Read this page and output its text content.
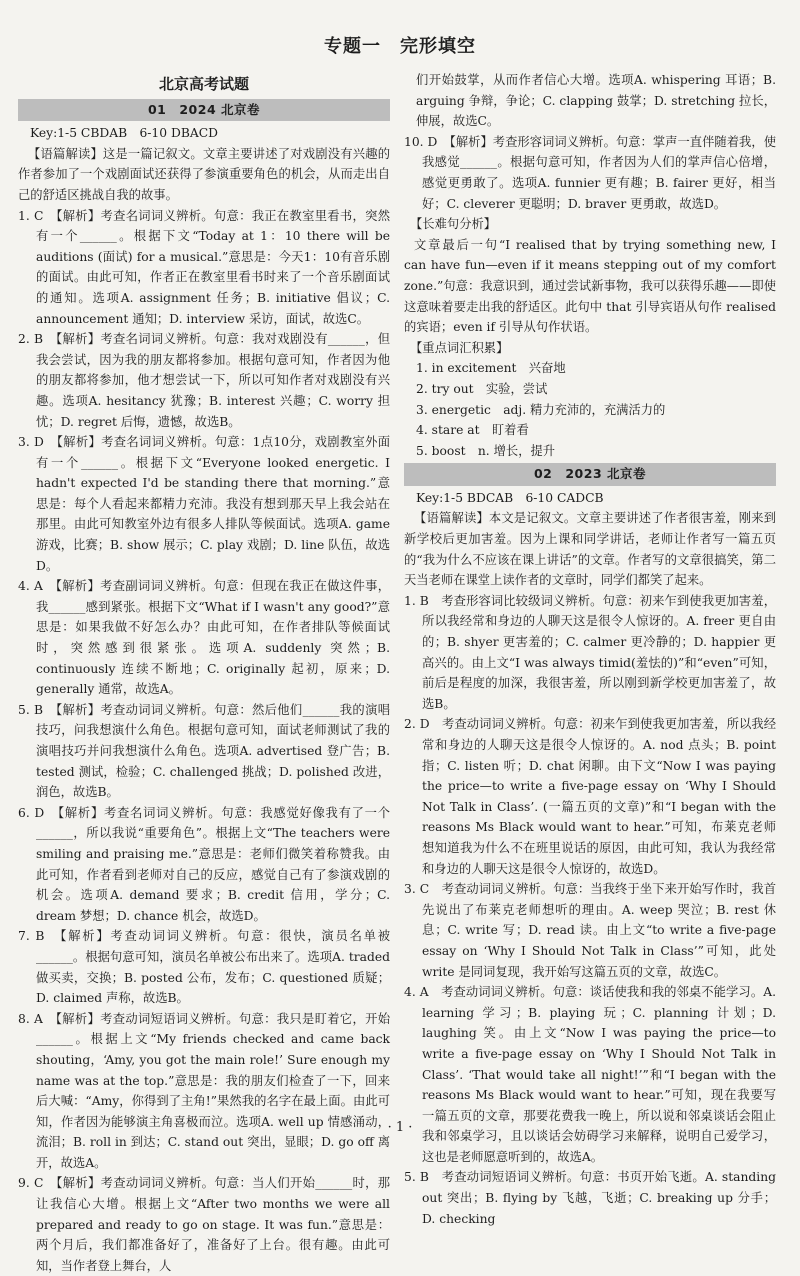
专题一　完形填空
北京高考试题
01　2024 北京卷
Key:1-5 CBDAB　6-10 DBACD

【语篇解读】这是一篇记叙文。文章主要讲述了对戏剧没有兴趣的作者参加了一个戏剧面试还获得了参演重要角色的机会，从而走出自己的舒适区挑战自我的故事。

1. C　【解析】考查名词词义辨析。句意：我正在教室里看书，突然有一个______。根据下文“Today at 1：10 there will be auditions (面试) for a musical.”意思是：今天1：10有音乐剧的面试。由此可知，作者正在教室里看书时来了一个音乐剧面试的通知。选项A. assignment 任务；B. initiative 倡议；C. announcement 通知；D. interview 采访，面试，故选C。

2. B　【解析】考查名词词义辨析。句意：我对戏剧没有______，但我会尝试，因为我的朋友都将参加。根据句意可知，作者因为他的朋友都将参加，他才想尝试一下，所以可知作者对戏剧没有兴趣。选项A. hesitancy 犹豫；B. interest 兴趣；C. worry 担忧；D. regret 后悔，遗憾，故选B。

3. D　【解析】考查名词词义辨析。句意：1点10分，戏剧教室外面有一个______。根据下文“Everyone looked energetic. I hadn't expected I'd be standing there that morning.”意思是：每个人看起来都精力充沛。我没有想到那天早上我会站在那里。由此可知教室外边有很多人排队等候面试。选项A. game 游戏，比赛；B. show 展示；C. play 戏剧；D. line 队伍，故选D。

4. A　【解析】考查副词词义辨析。句意：但现在我正在做这件事，我______感到紧张。根据下文“What if I wasn't any good?”意思是：如果我做不好怎么办？由此可知，在作者排队等候面试时，突然感到很紧张。选项A. suddenly 突然；B. continuously 连续不断地；C. originally 起初，原来；D. generally 通常，故选A。

5. B　【解析】考查动词词义辨析。句意：然后他们______我的演唱技巧，问我想演什么角色。根据句意可知，面试老师测试了我的演唱技巧并问我想演什么角色。选项A. advertised 登广告；B. tested 测试，检验；C. challenged 挑战；D. polished 改进，润色，故选B。

6. D　【解析】考查名词词义辨析。句意：我感觉好像我有了一个______，所以我说“重要角色”。根据上文“The teachers were smiling and praising me.”意思是：老师们微笑着称赞我。由此可知，作者看到老师对自己的反应，感觉自己有了参演戏剧的机会。选项A. demand 要求；B. credit 信用，学分；C. dream 梦想；D. chance 机会，故选D。

7. B　【解析】考查动词词义辨析。句意：很快，演员名单被______。根据句意可知，演员名单被公布出来了。选项A. traded 做买卖，交换；B. posted 公布，发布；C. questioned 质疑；D. claimed 声称，故选B。

8. A　【解析】考查动词短语词义辨析。句意：我只是盯着它，开始______。根据上文“My friends checked and came back shouting，‘Amy, you got the main role!’ Sure enough my name was at the top.”意思是：我的朋友们检查了一下，回来后大喊：“Amy，你得到了主角!”果然我的名字在最上面。由此可知，作者因为能够演主角喜极而泣。选项A. well up 情感涌动，流泪；B. roll in 到达；C. stand out 突出，显眼；D. go off 离开，故选A。

9. C　【解析】考查动词词义辨析。句意：当人们开始______时，那让我信心大增。根据上文“After two months we were all prepared and ready to go on stage. It was fun.”意思是：两个月后，我们都准备好了，准备好了上台。很有趣。由此可知，当作者登上舞台，人

们开始鼓掌，从而作者信心大增。选项A. whispering 耳语；B. arguing 争辩，争论；C. clapping 鼓掌；D. stretching 拉长，伸展，故选C。

10. D　【解析】考查形容词词义辨析。句意：掌声一直伴随着我，使我感觉______。根据句意可知，作者因为人们的掌声信心倍增，感觉更勇敢了。选项A. funnier 更有趣；B. fairer 更好，相当好；C. cleverer 更聪明；D. braver 更勇敢，故选D。

【长难句分析】

文章最后一句“I realised that by trying something new, I can have fun—even if it means stepping out of my comfort zone.”句意：我意识到，通过尝试新事物，我可以获得乐趣——即使这意味着要走出我的舒适区。此句中 that 引导宾语从句作 realised 的宾语；even if 引导从句作状语。

【重点词汇积累】
1. in excitement　兴奋地
2. try out　实验，尝试
3. energetic　adj. 精力充沛的，充满活力的
4. stare at　盯着看
5. boost　n. 增长，提升
02　2023 北京卷
Key:1-5 BDCAB　6-10 CADCB

【语篇解读】本文是记叙文。文章主要讲述了作者很害羞，刚来到新学校后更加害羞。因为上课和同学讲话，老师让作者写一篇五页的“我为什么不应该在课上讲话”的文章。作者写的文章很搞笑，第二天当老师在课堂上读作者的文章时，同学们都笑了起来。

1. B　考查形容词比较级词义辨析。句意：初来乍到使我更加害羞，所以我经常和身边的人聊天这是很令人惊讶的。A. freer 更自由的；B. shyer 更害羞的；C. calmer 更冷静的；D. happier 更高兴的。由上文“I was always timid(羞怯的)”和“even”可知，前后是程度的加深，我很害羞，所以刚到新学校更加害羞了，故选B。

2. D　考查动词词义辨析。句意：初来乍到使我更加害羞，所以我经常和身边的人聊天这是很令人惊讶的。A. nod 点头；B. point 指；C. listen 听；D. chat 闲聊。由下文“Now I was paying the price—to write a five-page essay on ‘Why I Should Not Talk in Class’. (一篇五页的文章)”和“I began with the reasons Ms Black would want to hear.”可知，布莱克老师想知道我为什么不在班里说话的原因，由此可知，我认为我经常和身边的人聊天这是很令人惊讶的，故选D。

3. C　考查动词词义辨析。句意：当我终于坐下来开始写作时，我首先说出了布莱克老师想听的理由。A. weep 哭泣；B. rest 休息；C. write 写；D. read 读。由上文“to write a five-page essay on ‘Why I Should Not Talk in Class’”可知，此处 write 是同词复现，我开始写这篇五页的文章，故选C。

4. A　考查动词词义辨析。句意：谈话使我和我的邻桌不能学习。A. learning 学习；B. playing 玩；C. planning 计划；D. laughing 笑。由上文“Now I was paying the price—to write a five-page essay on ‘Why I Should Not Talk in Class’. ‘That would take all night!’”和“I began with the reasons Ms Black would want to hear.”可知，现在我要写一篇五页的文章，那要花费我一晚上，所以说和邻桌谈话会阻止我和邻桌学习，且以谈话会妨碍学习来解释，说明自己爱学习，这也是老师愿意听到的，故选A。

5. B　考查动词短语词义辨析。句意：书页开始飞逝。A. standing out 突出；B. flying by 飞越，飞逝；C. breaking up 分手；D. checking

· 1 ·
